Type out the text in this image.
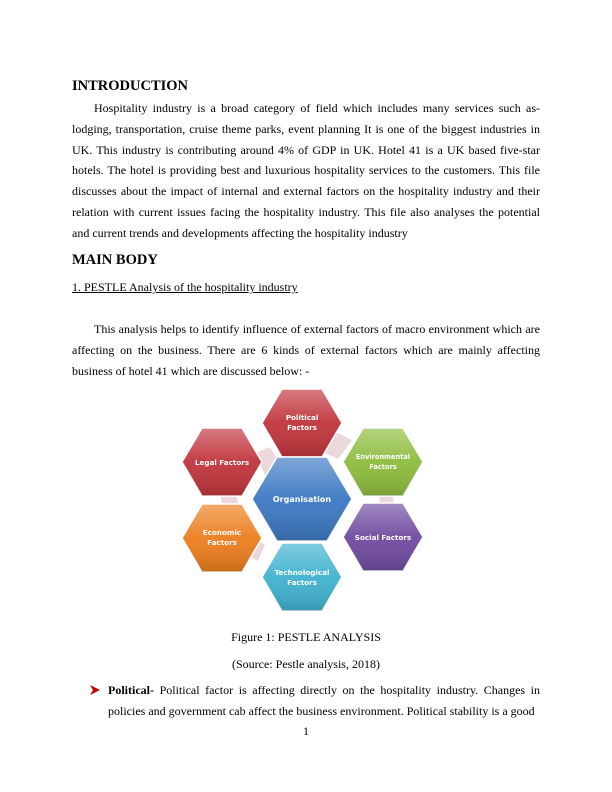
INTRODUCTION
Hospitality industry is a broad category of field which includes many services such as-lodging, transportation, cruise theme parks, event planning It is one of the biggest industries in UK. This industry is contributing around 4% of GDP in UK. Hotel 41 is a UK based five-star hotels. The hotel is providing best and luxurious hospitality services to the customers. This file discusses about the impact of internal and external factors on the hospitality industry and their relation with current issues facing the hospitality industry. This file also analyses the potential and current trends and developments affecting the hospitality industry
MAIN BODY
1. PESTLE Analysis of the hospitality industry
This analysis helps to identify influence of external factors of macro environment which are affecting on the business. There are 6 kinds of external factors which are mainly affecting business of hotel 41 which are discussed below: -
Political
Factors
Environmental
Factors
Social Factors
Technological
Factors
Economic
Factors
Legal Factors
Organisation
Figure 1: PESTLE ANALYSIS
(Source: Pestle analysis, 2018)
Political- Political factor is affecting directly on the hospitality industry. Changes in policies and government cab affect the business environment. Political stability is a good
1
